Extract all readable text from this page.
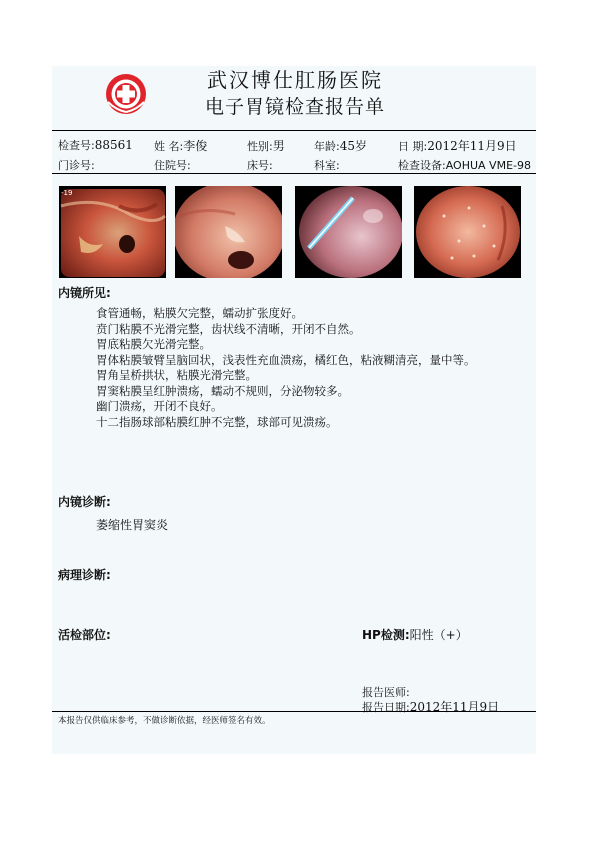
武汉博仕肛肠医院
电子胃镜检查报告单
检查号:88561 姓 名:李俊	性别:男	年龄:45岁	日 期:2012年11月9日
门诊号:	住院号:	床号:	科室:	检查设备:AOHUA VME-98
-19
内镜所见:
食管通畅，粘膜欠完整，蠕动扩张度好。
贲门粘膜不光滑完整，齿状线不清晰，开闭不自然。
胃底粘膜欠光滑完整。
胃体粘膜皱臂呈脑回状，浅表性充血溃疡，橘红色，粘液糊清亮，量中等。
胃角呈桥拱状，粘膜光滑完整。
胃窦粘膜呈红肿溃疡，蠕动不规则，分泌物较多。
幽门溃疡，开闭不良好。
十二指肠球部粘膜红肿不完整，球部可见溃疡。
内镜诊断:
萎缩性胃窦炎
病理诊断:
活检部位:	HP检测:阳性（+）
报告医师:
报告日期:2012年11月9日
本报告仅供临床参考，不做诊断依据，经医师签名有效。
